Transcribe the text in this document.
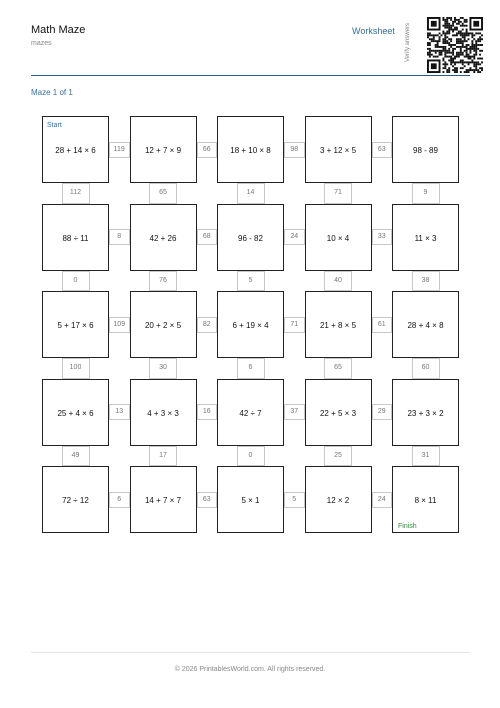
Math Maze
mazes
Worksheet Verify answers
Maze 1 of 1
119	66	98	63
8	68	24	33
109	82	71	61
13	16	37	29
6	63	5	24
112	65	14	71	9
0	76	5	40	38
100	30	6	65	60
49	17	0	25	31
28 + 14 × 6
Start
12 + 7 × 9	18 + 10 × 8	3 + 12 × 5	98 - 89
88 ÷ 11	42 + 26	96 - 82	10 × 4	11 × 3
5 + 17 × 6	20 + 2 × 5	6 + 19 × 4	21 + 8 × 5	28 + 4 × 8
25 + 4 × 6	4 + 3 × 3	42 ÷ 7	22 + 5 × 3	23 + 3 × 2
72 ÷ 12	14 + 7 × 7	5 × 1	12 × 2	8 × 11
Finish
© 2026 PrintablesWorld.com. All rights reserved.
